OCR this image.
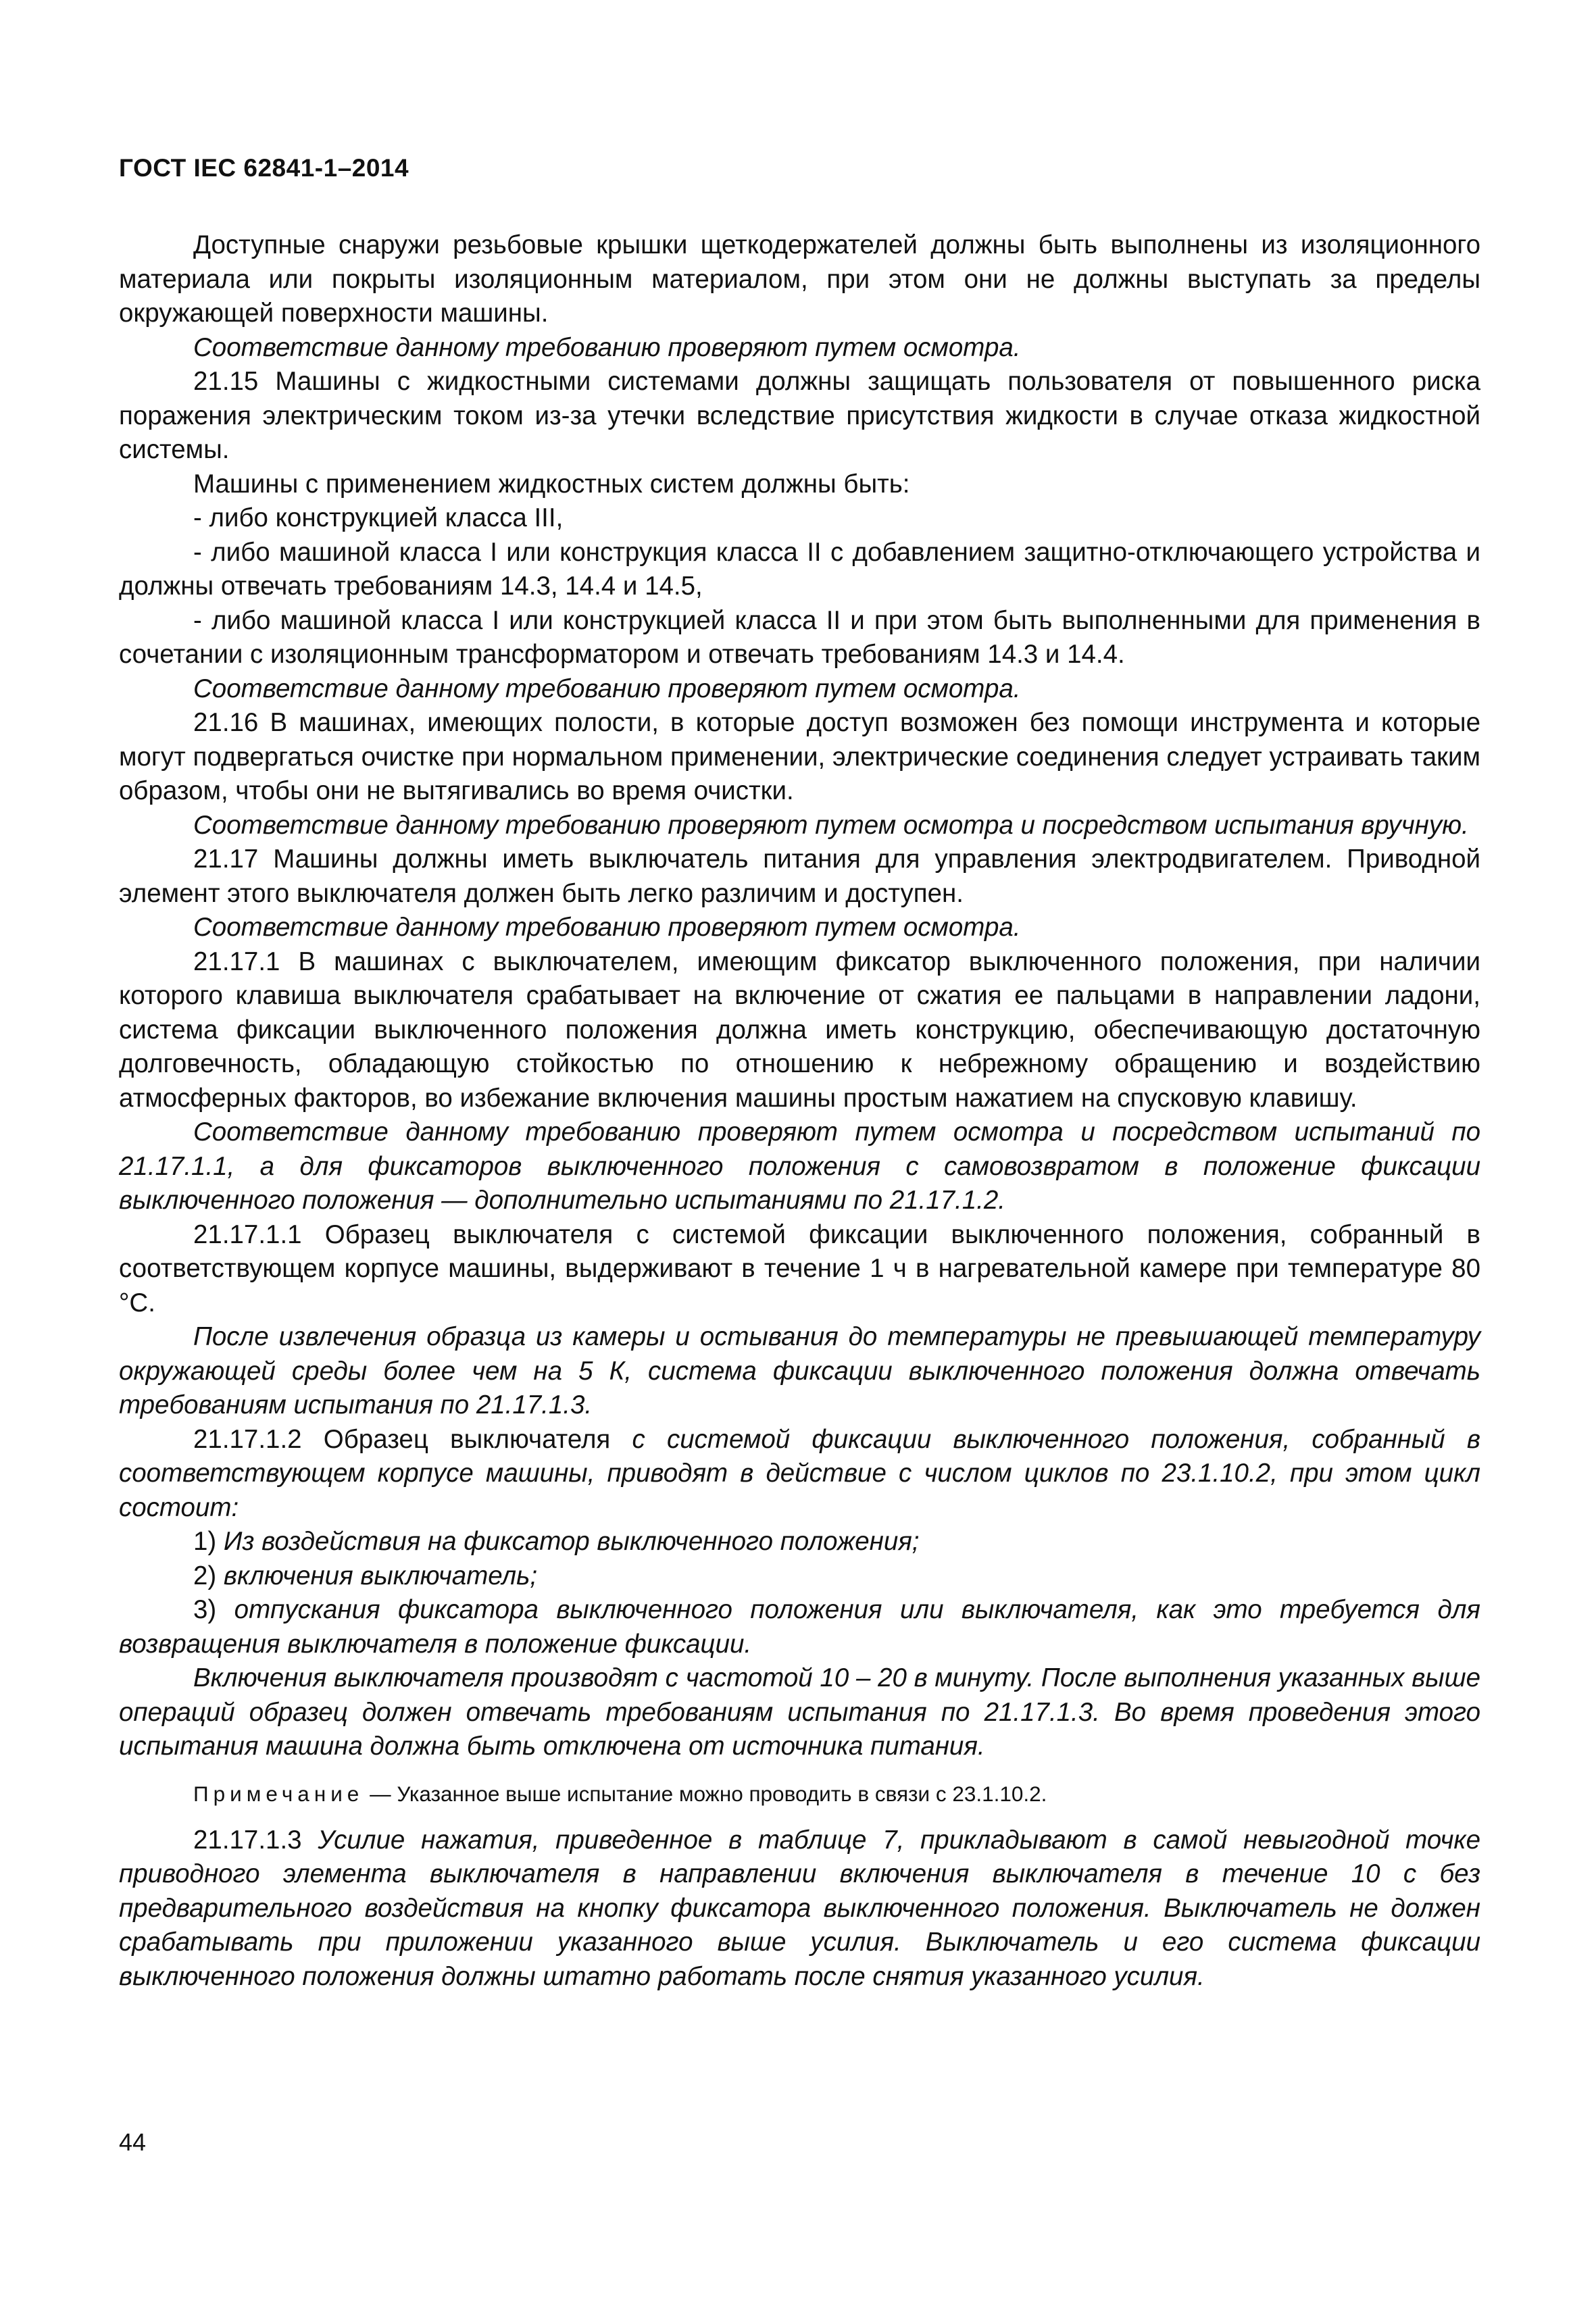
ГОСТ IEC 62841-1–2014

Доступные снаружи резьбовые крышки щеткодержателей должны быть выполнены из изоляционного материала или покрыты изоляционным материалом, при этом они не должны выступать за пределы окружающей поверхности машины.

Соответствие данному требованию проверяют путем осмотра.

21.15 Машины с жидкостными системами должны защищать пользователя от повышенного риска поражения электрическим током из-за утечки вследствие присутствия жидкости в случае отказа жидкостной системы.

Машины с применением жидкостных систем должны быть:

- либо конструкцией класса III,

- либо машиной класса I или конструкция класса II с добавлением защитно-отключающего устройства и должны отвечать требованиям 14.3, 14.4 и 14.5,

- либо машиной класса I или конструкцией класса II и при этом быть выполненными для применения в сочетании с изоляционным трансформатором и отвечать требованиям 14.3 и 14.4.

Соответствие данному требованию проверяют путем осмотра.

21.16 В машинах, имеющих полости, в которые доступ возможен без помощи инструмента и которые могут подвергаться очистке при нормальном применении, электрические соединения следует устраивать таким образом, чтобы они не вытягивались во время очистки.

Соответствие данному требованию проверяют путем осмотра и посредством испытания вручную.

21.17 Машины должны иметь выключатель питания для управления электродвигателем. Приводной элемент этого выключателя должен быть легко различим и доступен.

Соответствие данному требованию проверяют путем осмотра.

21.17.1 В машинах с выключателем, имеющим фиксатор выключенного положения, при наличии которого клавиша выключателя срабатывает на включение от сжатия ее пальцами в направлении ладони, система фиксации выключенного положения должна иметь конструкцию, обеспечивающую достаточную долговечность, обладающую стойкостью по отношению к небрежному обращению и воздействию атмосферных факторов, во избежание включения машины простым нажатием на спусковую клавишу.

Соответствие данному требованию проверяют путем осмотра и посредством испытаний по 21.17.1.1, а для фиксаторов выключенного положения с самовозвратом в положение фиксации выключенного положения — дополнительно испытаниями по 21.17.1.2.

21.17.1.1 Образец выключателя с системой фиксации выключенного положения, собранный в соответствующем корпусе машины, выдерживают в течение 1 ч в нагревательной камере при температуре 80 °С.

После извлечения образца из камеры и остывания до температуры не превышающей температуру окружающей среды более чем на 5 К, система фиксации выключенного положения должна отвечать требованиям испытания по 21.17.1.3.

21.17.1.2 Образец выключателя с системой фиксации выключенного положения, собранный в соответствующем корпусе машины, приводят в действие с числом циклов по 23.1.10.2, при этом цикл состоит:

1) Из воздействия на фиксатор выключенного положения;

2) включения выключатель;

3) отпускания фиксатора выключенного положения или выключателя, как это требуется для возвращения выключателя в положение фиксации.

Включения выключателя производят с частотой 10 – 20 в минуту. После выполнения указанных выше операций образец должен отвечать требованиям испытания по 21.17.1.3. Во время проведения этого испытания машина должна быть отключена от источника питания.

Примечание — Указанное выше испытание можно проводить в связи с 23.1.10.2.

21.17.1.3 Усилие нажатия, приведенное в таблице 7, прикладывают в самой невыгодной точке приводного элемента выключателя в направлении включения выключателя в течение 10 с без предварительного воздействия на кнопку фиксатора выключенного положения. Выключатель не должен срабатывать при приложении указанного выше усилия. Выключатель и его система фиксации выключенного положения должны штатно работать после снятия указанного усилия.

44
